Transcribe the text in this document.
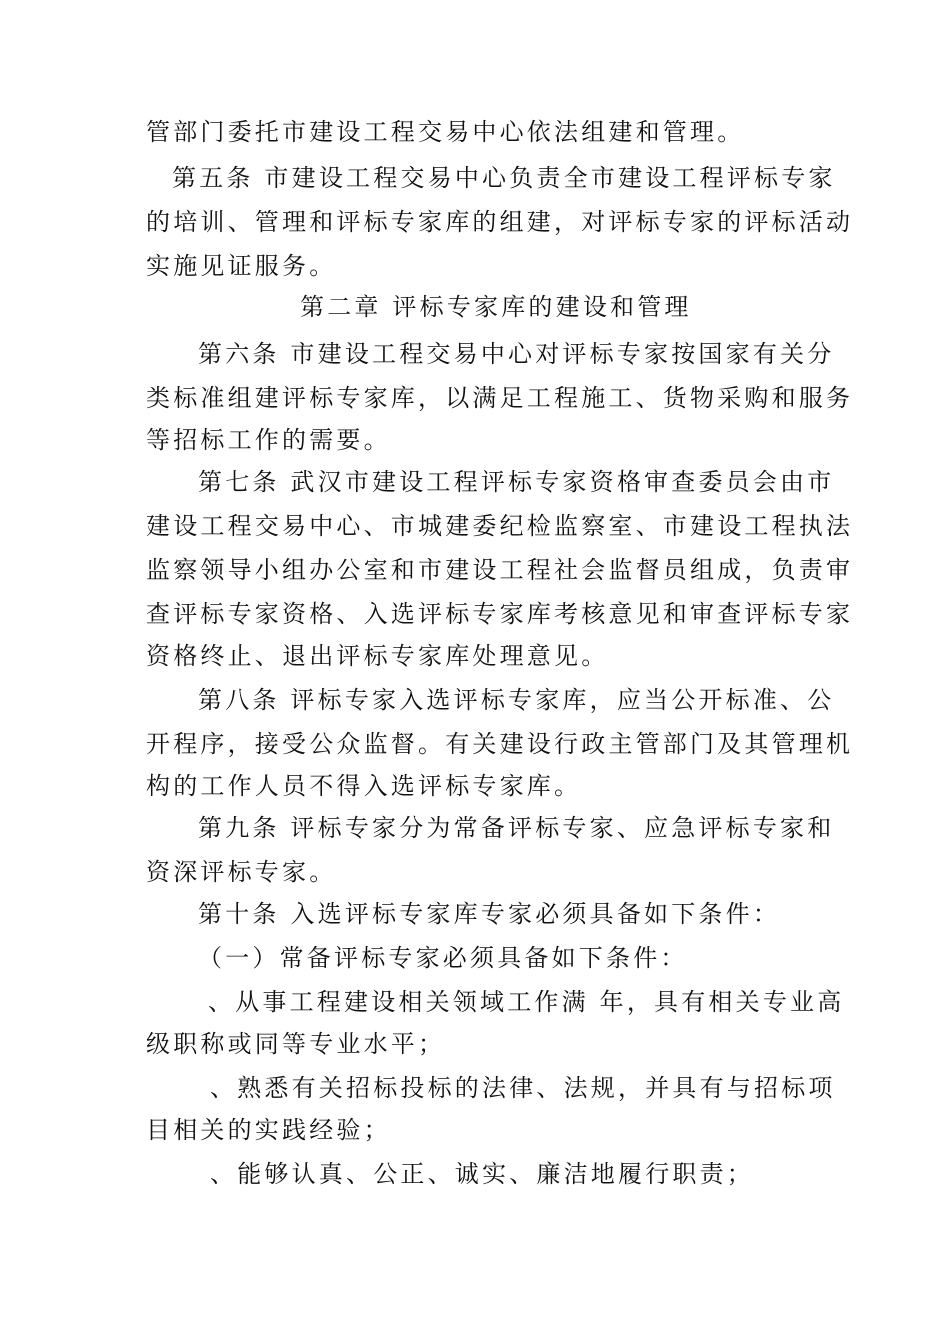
管部门委托市建设工程交易中心依法组建和管理。
第五条 市建设工程交易中心负责全市建设工程评标专家
的培训、管理和评标专家库的组建，对评标专家的评标活动
实施见证服务。
第二章 评标专家库的建设和管理
第六条 市建设工程交易中心对评标专家按国家有关分
类标准组建评标专家库，以满足工程施工、货物采购和服务
等招标工作的需要。
第七条 武汉市建设工程评标专家资格审查委员会由市
建设工程交易中心、市城建委纪检监察室、市建设工程执法
监察领导小组办公室和市建设工程社会监督员组成，负责审
查评标专家资格、入选评标专家库考核意见和审查评标专家
资格终止、退出评标专家库处理意见。
第八条 评标专家入选评标专家库，应当公开标准、公
开程序，接受公众监督。有关建设行政主管部门及其管理机
构的工作人员不得入选评标专家库。
第九条 评标专家分为常备评标专家、应急评标专家和
资深评标专家。
第十条 入选评标专家库专家必须具备如下条件：
（一）常备评标专家必须具备如下条件：
、从事工程建设相关领域工作满 年，具有相关专业高
级职称或同等专业水平；
、熟悉有关招标投标的法律、法规，并具有与招标项
目相关的实践经验；
、能够认真、公正、诚实、廉洁地履行职责；
